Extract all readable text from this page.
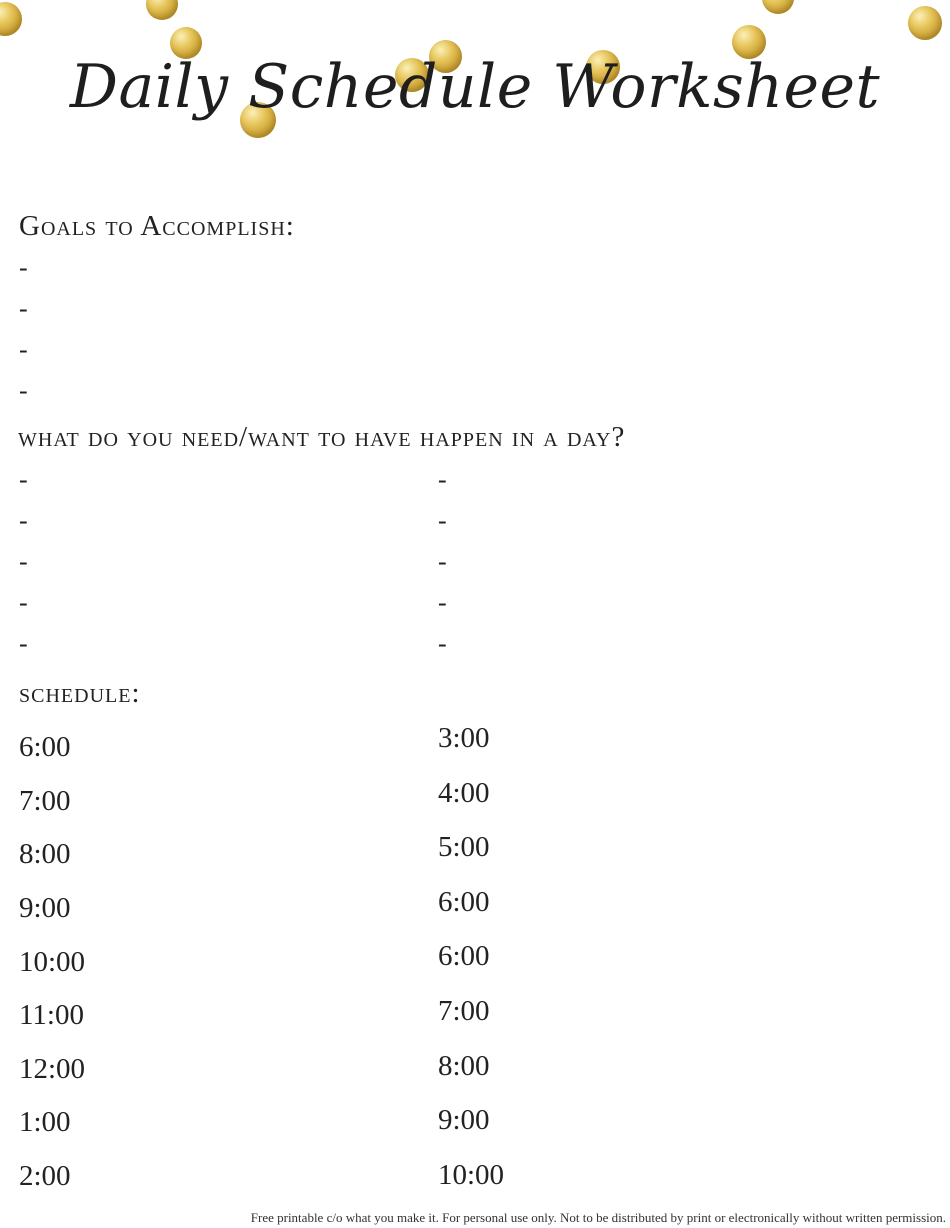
Daily Schedule Worksheet
Goals to Accomplish:
-
-
-
-
what do you need/want to have happen in a day?
-
-
-
-
-
-
-
-
-
-
schedule:
6:00
7:00
8:00
9:00
10:00
11:00
12:00
1:00
2:00
3:00
4:00
5:00
6:00
6:00
7:00
8:00
9:00
10:00
Free printable c/o what you make it. For personal use only. Not to be distributed by print or electronically without written permission.
